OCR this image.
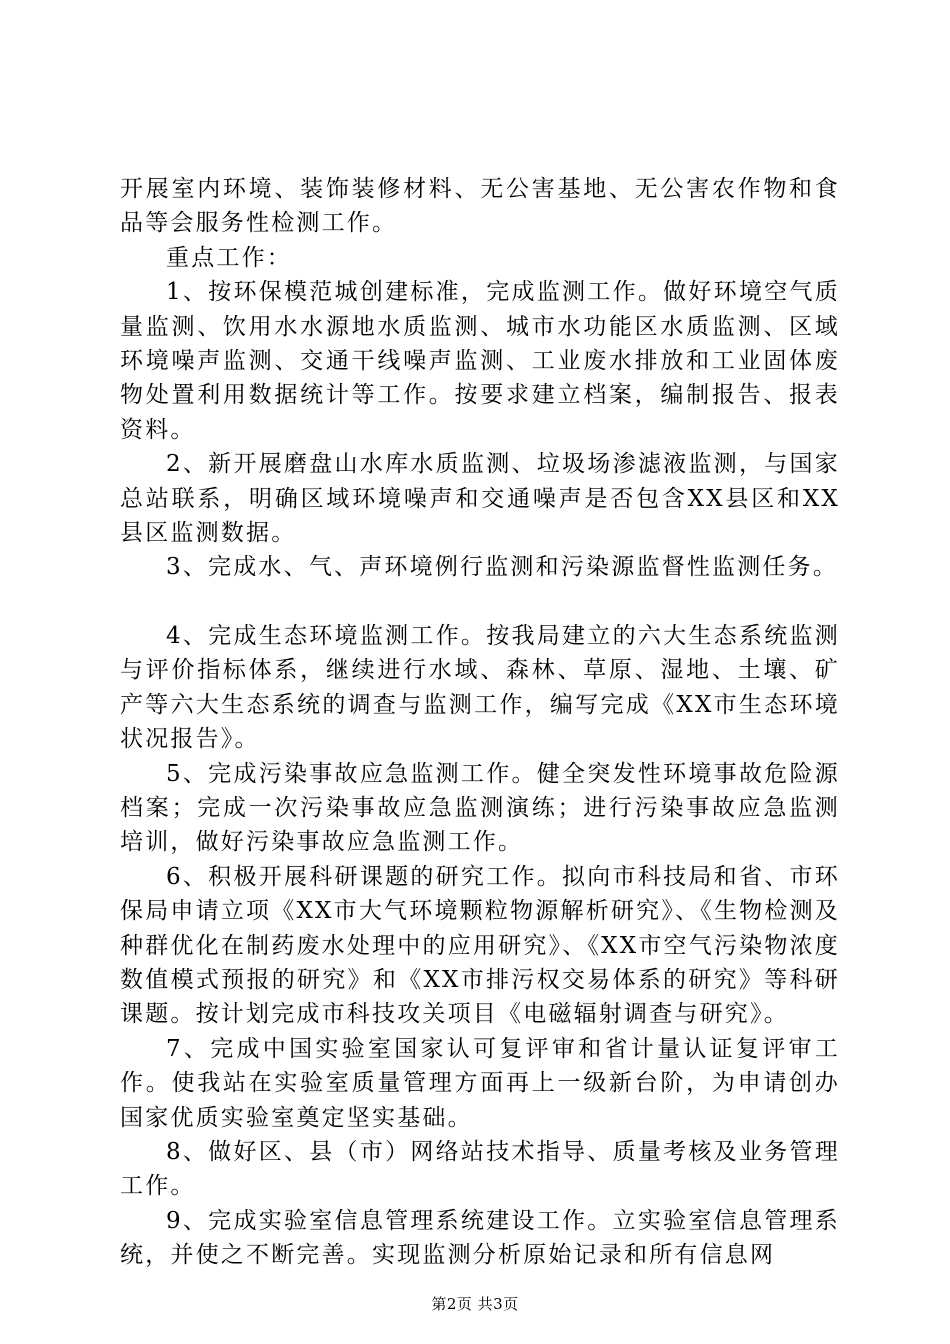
开展室内环境、装饰装修材料、无公害基地、无公害农作物和食品等会服务性检测工作。

重点工作：

1、按环保模范城创建标准，完成监测工作。做好环境空气质量监测、饮用水水源地水质监测、城市水功能区水质监测、区域环境噪声监测、交通干线噪声监测、工业废水排放和工业固体废物处置利用数据统计等工作。按要求建立档案，编制报告、报表资料。

2、新开展磨盘山水库水质监测、垃圾场渗滤液监测，与国家总站联系，明确区域环境噪声和交通噪声是否包含XX县区和XX县区监测数据。

3、完成水、气、声环境例行监测和污染源监督性监测任务。

4、完成生态环境监测工作。按我局建立的六大生态系统监测与评价指标体系，继续进行水域、森林、草原、湿地、土壤、矿产等六大生态系统的调查与监测工作，编写完成《XX市生态环境状况报告》。

5、完成污染事故应急监测工作。健全突发性环境事故危险源档案；完成一次污染事故应急监测演练；进行污染事故应急监测培训，做好污染事故应急监测工作。

6、积极开展科研课题的研究工作。拟向市科技局和省、市环保局申请立项《XX市大气环境颗粒物源解析研究》、《生物检测及种群优化在制药废水处理中的应用研究》、《XX市空气污染物浓度数值模式预报的研究》和《XX市排污权交易体系的研究》等科研课题。按计划完成市科技攻关项目《电磁辐射调查与研究》。

7、完成中国实验室国家认可复评审和省计量认证复评审工作。使我站在实验室质量管理方面再上一级新台阶，为申请创办国家优质实验室奠定坚实基础。

8、做好区、县（市）网络站技术指导、质量考核及业务管理工作。

9、完成实验室信息管理系统建设工作。立实验室信息管理系统，并使之不断完善。实现监测分析原始记录和所有信息网

第2页 共3页
